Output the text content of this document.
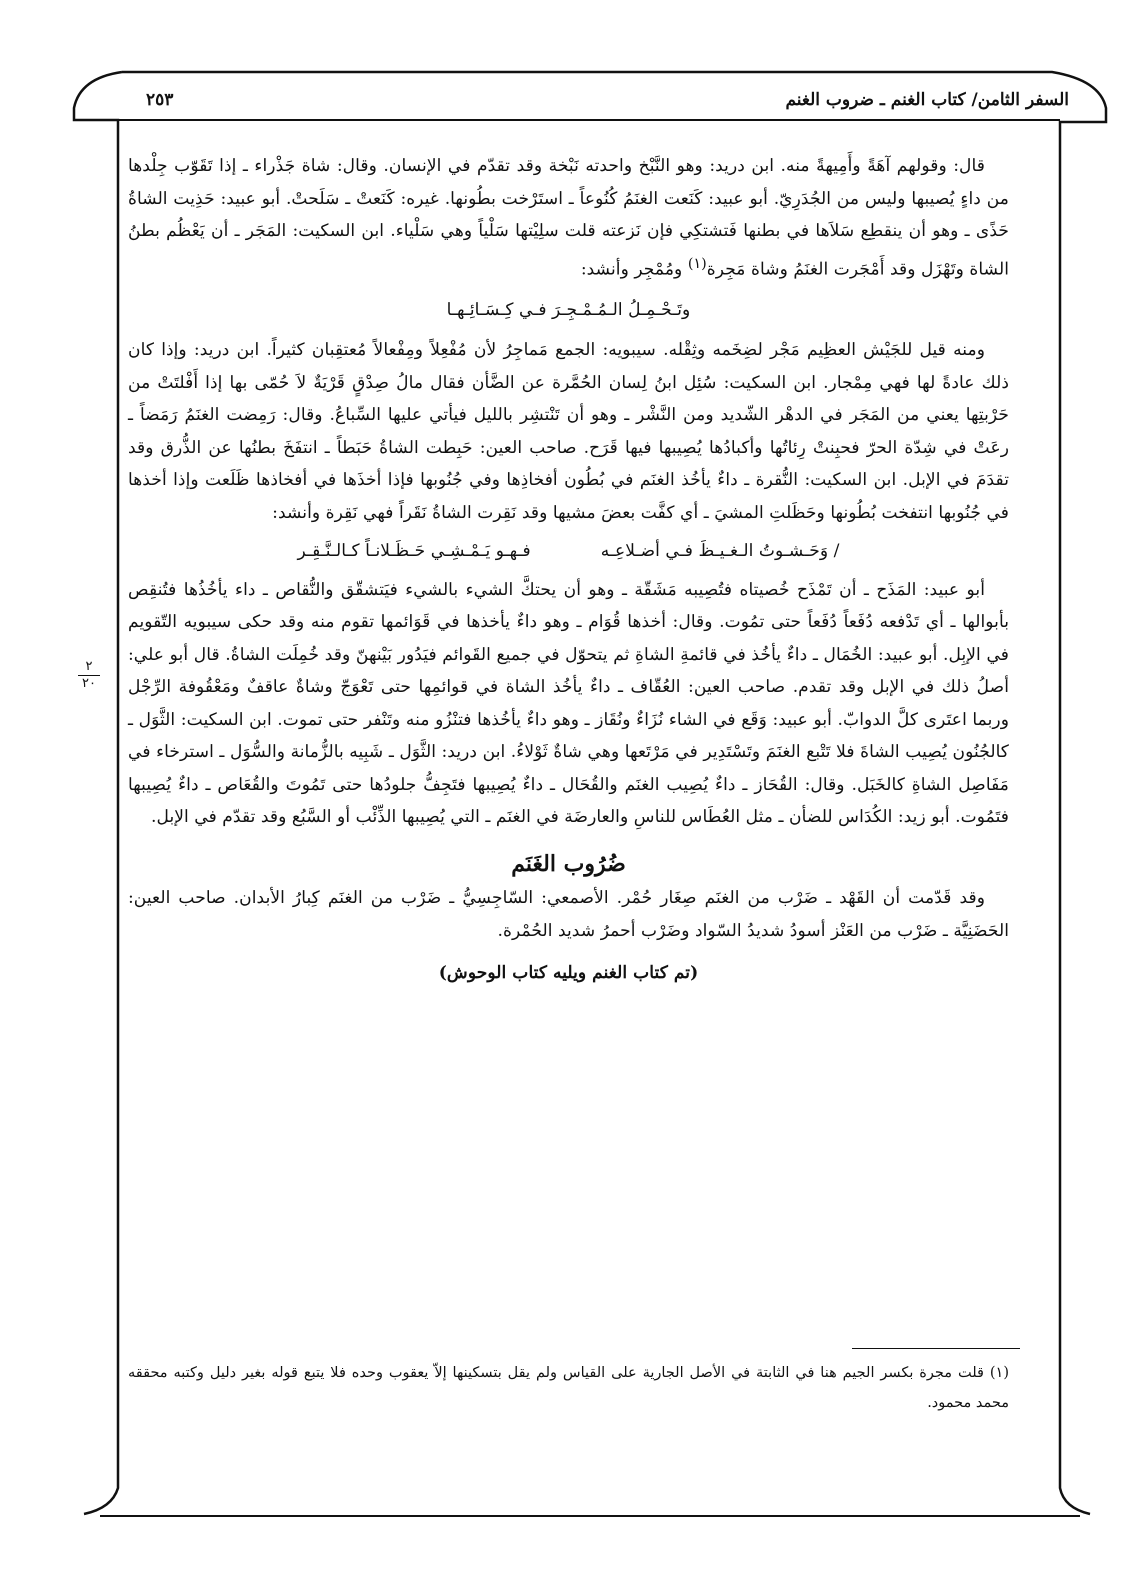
السفر الثامن/ كتاب الغنم ـ ضروب الغنم
٢٥٣
٢
٢٠

قال: وقولهم آهَةً وأَمِيهةً منه. ابن دريد: وهو النَّبْخ واحدته نَبْخة وقد تقدّم في الإنسان. وقال: شاة جَذْراء ـ إذا تَقَوّب جِلْدها من داءٍ يُصيبها وليس من الجُدَرِيّ. أبو عبيد: كَنَعت الغنَمُ كُنُوعاً ـ استَرْخت بطُونها. غيره: كَنَعتْ ـ سَلَحتْ. أبو عبيد: حَذِيت الشاةُ حَذًى ـ وهو أن ينقطِع سَلاَها في بطنها فَتشتكِي فإن نَزعته قلت سلِيْتها سَلْياً وهي سَلْياء. ابن السكيت: المَجَر ـ أن يَعْظُم بطنُ الشاة وتَهْزَل وقد أَمْجَرت الغنَمُ وشاة مَجِرة$^{(١)}$ ومُمْجِر وأنشد:

وتَـحْـمِـلُ الـمُـمْـجِـرَ فـي كِـسَـائِـهـا

ومنه قيل للجَيْش العظِيم مَجْر لضِخَمه وثِقْله. سيبويه: الجمع مَماجِرُ لأن مُفْعِلاً ومِفْعالاً مُعتقِبان كثيراً. ابن دريد: وإذا كان ذلك عادةً لها فهي مِمْجار. ابن السكيت: سُئِل ابنُ لِسان الحُمَّرة عن الضَّأن فقال مالُ صِدْقٍ قَرْيَةٌ لاَ حُمّى بها إذا أَفْلتَتْ من حَرْبتِها يعني من المَجَر في الدهْر الشّديد ومن النَّشْر ـ وهو أن تَنْتشِر بالليل فيأتي عليها السِّباعُ. وقال: رَمِضت الغنَمُ رَمَضاً ـ رعَتْ في شِدّة الحرّ فحبِنتْ رِئاتُها وأكبادُها يُصِيبها فيها قَرَح. صاحب العين: حَبِطت الشاةُ حَبَطاً ـ انتفَخَ بطنُها عن الذُّرق وقد تقدَمَ في الإبل. ابن السكيت: النُّقرة ـ داءٌ يأخُذ الغنَم في بُطُون أفخاذِها وفي جُنُوبها فإذا أخذَها في أفخاذها ظَلَعت وإذا أخذها في جُنُوبها انتفخت بُطُونها وحَظَلتِ المشيَ ـ أي كفَّت بعضَ مشيها وقد نَقِرت الشاةُ نَقَراً فهي نَقِرة وأنشد:

/ وَحَـشـوتُ الـغـيـظَ فـي أضـلاعِـه
فـهـو يَـمْـشِـي حَـظَـلانـاً كـالـنَّـقِـر

أبو عبيد: المَذَح ـ أن تَمْذَح خُصيتاه فتُصِيبه مَشَقّة ـ وهو أن يحتكَّ الشيء بالشيء فيَتشقّق والنُّقاص ـ داء يأخُذُها فتُنقِص بأبوالها ـ أي تَدْفعه دُفَعاً دُفَعاً حتى تمُوت. وقال: أخذها قُوَام ـ وهو داءٌ يأخذها في قَوَائمها تقوم منه وقد حكى سيبويه التّقويم في الإبِل. أبو عبيد: الخُمَال ـ داءٌ يأخُذ في قائمةِ الشاةِ ثم يتحوّل في جميع القَوائم فيَدُور بَيْنهنّ وقد خُمِلَت الشاةُ. قال أبو علي: أصلُ ذلك في الإبل وقد تقدم. صاحب العين: العُقّاف ـ داءٌ يأخُذ الشاة في قوائمِها حتى تَعْوَجّ وشاةٌ عاقفٌ ومَعْقُوفة الرِّجْل وربما اعتَرى كلَّ الدوابّ. أبو عبيد: وَقَع في الشاء نُزَاءٌ ونُقَاز ـ وهو داءٌ يأخُذها فتنْزُو منه وتَنْفر حتى تموت. ابن السكيت: الثَّوَل ـ كالجُنُون يُصِيب الشاةَ فلا تَتْبع الغنَمَ وتَسْتَدِير في مَرْتَعها وهي شاةٌ ثَوْلاءُ. ابن دريد: الثَّوَل ـ شَبِيه بالزُّمانة والسُّوَل ـ استرخاء في مَفَاصِل الشاةِ كالخَبَل. وقال: القُحَاز ـ داءٌ يُصِيب الغنَم والقُحَال ـ داءٌ يُصِيبها فتَجِفُّ جلودُها حتى تَمُوتَ والقُعَاص ـ داءٌ يُصِيبها فتَمُوت. أبو زيد: الكُدَاس للضأن ـ مثل العُطَاس للناسِ والعارضَة في الغنَم ـ التي يُصِيبها الذِّئْب أو السَّبُع وقد تقدّم في الإبل.

ضُرُوب الغَنَم

وقد قَدّمت أن القَهْد ـ ضَرْب من الغنَم صِغَار حُمْر. الأصمعي: السّاجِسِيُّ ـ ضَرْب من الغنَم كِبارُ الأبدان. صاحب العين: الحَضَنِيَّة ـ ضَرْب من العَنْز أسودُ شديدُ السّواد وضَرْب أحمرُ شديد الحُمْرة.

(تم كتاب الغنم ويليه كتاب الوحوش)

(١) قلت مجرة بكسر الجيم هنا في الثابتة في الأصل الجارية على القياس ولم يقل بتسكينها إلاّ يعقوب وحده فلا يتبع قوله بغير دليل وكتبه محققه محمد محمود.
